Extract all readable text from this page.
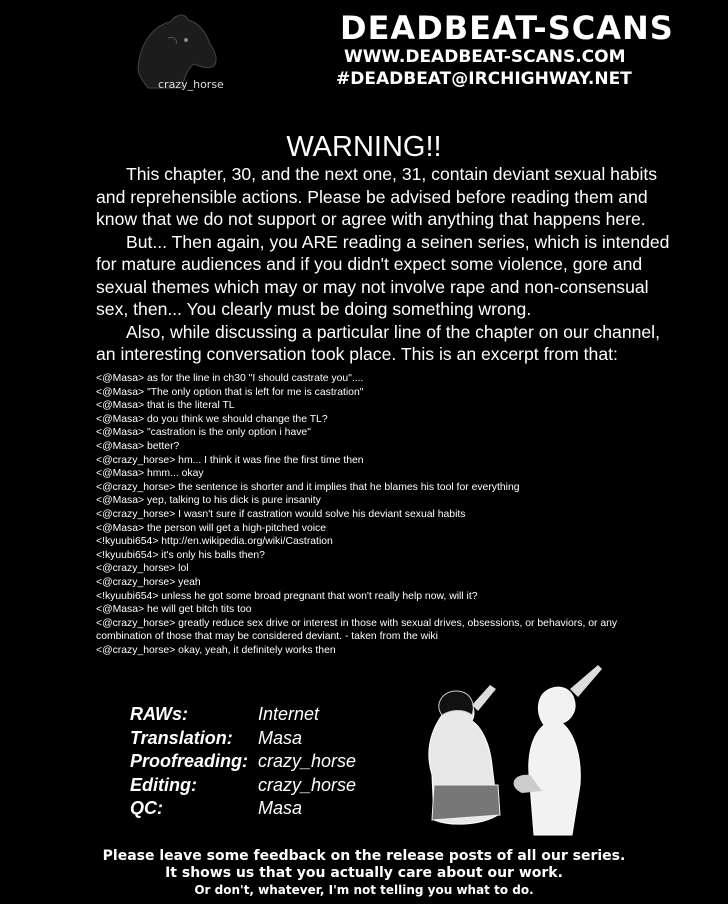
crazy_horse
DEADBEAT-SCANS
WWW.DEADBEAT-SCANS.COM
#DEADBEAT@IRCHIGHWAY.NET
WARNING!!

This chapter, 30, and the next one, 31, contain deviant sexual habits and reprehensible actions. Please be advised before reading them and know that we do not support or agree with anything that happens here.

But... Then again, you ARE reading a seinen series, which is intended for mature audiences and if you didn't expect some violence, gore and sexual themes which may or may not involve rape and non-consensual sex, then... You clearly must be doing something wrong.

Also, while discussing a particular line of the chapter on our channel, an interesting conversation took place. This is an excerpt from that:

<@Masa> as for the line in ch30 "I should castrate you"....
<@Masa> "The only option that is left for me is castration"
<@Masa> that is the literal TL
<@Masa> do you think we should change the TL?
<@Masa> "castration is the only option i have"
<@Masa> better?
<@crazy_horse> hm... I think it was fine the first time then
<@Masa> hmm... okay
<@crazy_horse> the sentence is shorter and it implies that he blames his tool for everything
<@Masa> yep, talking to his dick is pure insanity
<@crazy_horse> I wasn't sure if castration would solve his deviant sexual habits
<@Masa> the person will get a high-pitched voice
<!kyuubi654> http://en.wikipedia.org/wiki/Castration
<!kyuubi654> it's only his balls then?
<@crazy_horse> lol
<@crazy_horse> yeah
<!kyuubi654> unless he got some broad pregnant that won't really help now, will it?
<@Masa> he will get bitch tits too
<@crazy_horse> greatly reduce sex drive or interest in those with sexual drives, obsessions, or behaviors, or any combination of those that may be considered deviant. - taken from the wiki
<@crazy_horse> okay, yeah, it definitely works then
RAWs:	Internet
Translation:	Masa
Proofreading: crazy_horse
Editing:	crazy_horse
QC:	Masa
Please leave some feedback on the release posts of all our series.
It shows us that you actually care about our work.
Or don't, whatever, I'm not telling you what to do.
